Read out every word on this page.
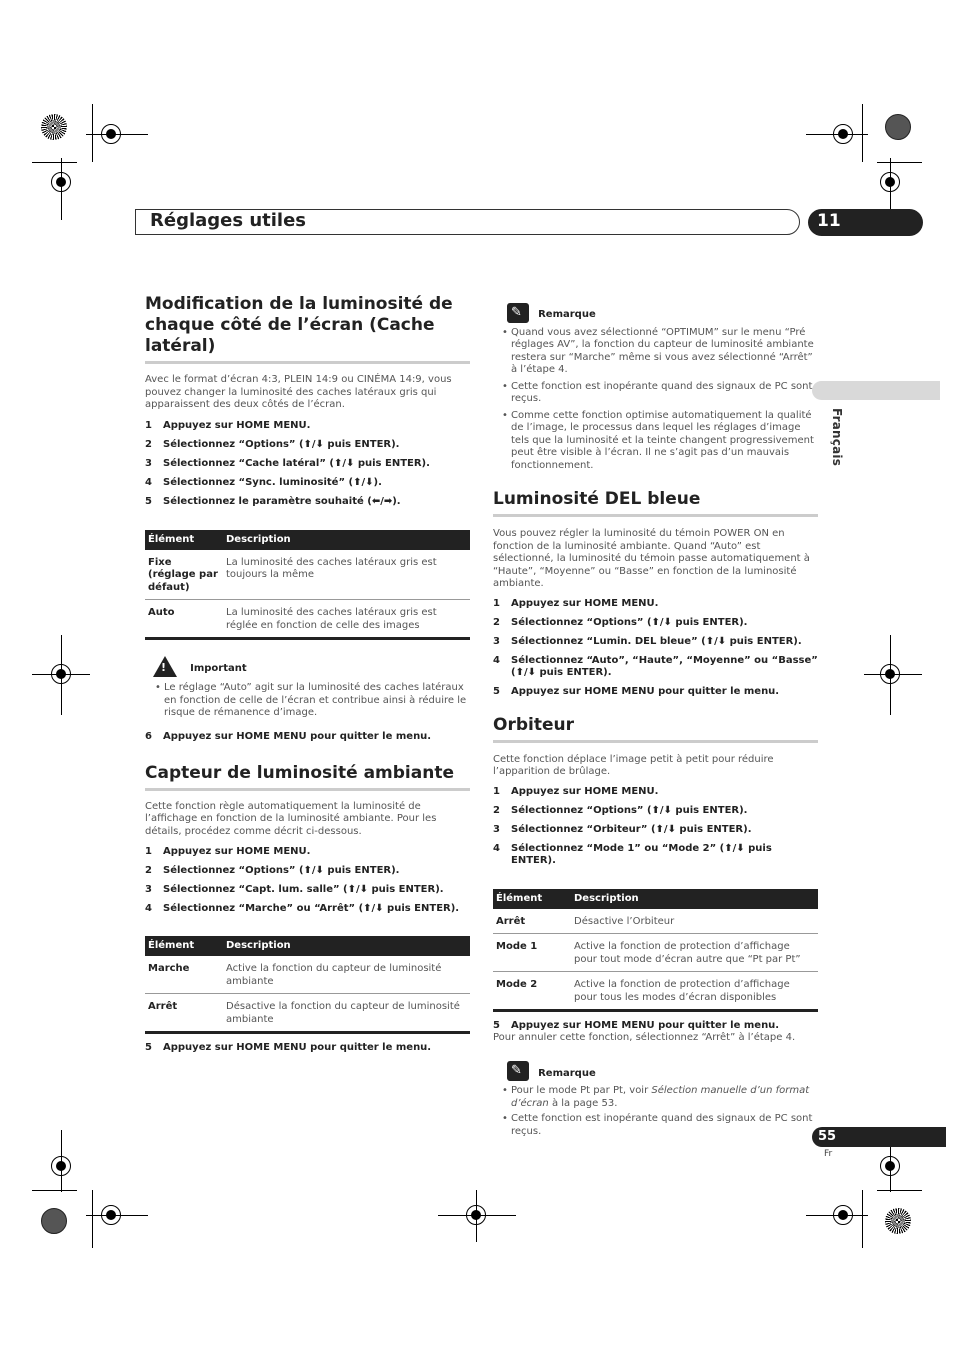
Réglages utiles	11
Français
Modification de la luminosité de chaque côté de l’écran (Cache latéral)

Avec le format d’écran 4:3, PLEIN 14:9 ou CINÉMA 14:9, vous pouvez changer la luminosité des caches latéraux gris qui apparaissent des deux côtés de l’écran.

1 Appuyez sur HOME MENU.

2 Sélectionnez “Options” (⬆/⬇ puis ENTER).

3 Sélectionnez “Cache latéral” (⬆/⬇ puis ENTER).

4 Sélectionnez “Sync. luminosité” (⬆/⬇).

5 Sélectionnez le paramètre souhaité (⬅/➡).

Élément	Description
Fixe (réglage par défaut)	La luminosité des caches latéraux gris est toujours la même
Auto	La luminosité des caches latéraux gris est réglée en fonction de celle des images
! Important

• Le réglage “Auto” agit sur la luminosité des caches latéraux en fonction de celle de l’écran et contribue ainsi à réduire le risque de rémanence d’image.

6 Appuyez sur HOME MENU pour quitter le menu.

Capteur de luminosité ambiante

Cette fonction règle automatiquement la luminosité de l’affichage en fonction de la luminosité ambiante. Pour les détails, procédez comme décrit ci-dessous.

1 Appuyez sur HOME MENU.

2 Sélectionnez “Options” (⬆/⬇ puis ENTER).

3 Sélectionnez “Capt. lum. salle” (⬆/⬇ puis ENTER).

4 Sélectionnez “Marche” ou “Arrêt” (⬆/⬇ puis ENTER).

Élément	Description
Marche	Active la fonction du capteur de luminosité ambiante
Arrêt	Désactive la fonction du capteur de luminosité ambiante

5 Appuyez sur HOME MENU pour quitter le menu.

✎ Remarque

• Quand vous avez sélectionné “OPTIMUM” sur le menu “Pré réglages AV”, la fonction du capteur de luminosité ambiante restera sur “Marche” même si vous avez sélectionné “Arrêt” à l’étape 4.

• Cette fonction est inopérante quand des signaux de PC sont reçus.

• Comme cette fonction optimise automatiquement la qualité de l’image, le processus dans lequel les réglages d’image tels que la luminosité et la teinte changent progressivement peut être visible à l’écran. Il ne s’agit pas d’un mauvais fonctionnement.

Luminosité DEL bleue

Vous pouvez régler la luminosité du témoin POWER ON en fonction de la luminosité ambiante. Quand “Auto” est sélectionné, la luminosité du témoin passe automatiquement à “Haute”, “Moyenne” ou “Basse” en fonction de la luminosité ambiante.

1 Appuyez sur HOME MENU.

2 Sélectionnez “Options” (⬆/⬇ puis ENTER).

3 Sélectionnez “Lumin. DEL bleue” (⬆/⬇ puis ENTER).

4 Sélectionnez “Auto”, “Haute”, “Moyenne” ou “Basse” (⬆/⬇ puis ENTER).

5 Appuyez sur HOME MENU pour quitter le menu.

Orbiteur

Cette fonction déplace l’image petit à petit pour réduire l’apparition de brûlage.

1 Appuyez sur HOME MENU.

2 Sélectionnez “Options” (⬆/⬇ puis ENTER).

3 Sélectionnez “Orbiteur” (⬆/⬇ puis ENTER).

4 Sélectionnez “Mode 1” ou “Mode 2” (⬆/⬇ puis ENTER).

Élément	Description
Arrêt	Désactive l’Orbiteur
Mode 1	Active la fonction de protection d’affichage pour tout mode d’écran autre que “Pt par Pt”
Mode 2	Active la fonction de protection d’affichage pour tous les modes d’écran disponibles

5 Appuyez sur HOME MENU pour quitter le menu.

Pour annuler cette fonction, sélectionnez “Arrêt” à l’étape 4.

✎ Remarque

• Pour le mode Pt par Pt, voir Sélection manuelle d’un format d’écran à la page 53.

• Cette fonction est inopérante quand des signaux de PC sont reçus.	55
Fr
